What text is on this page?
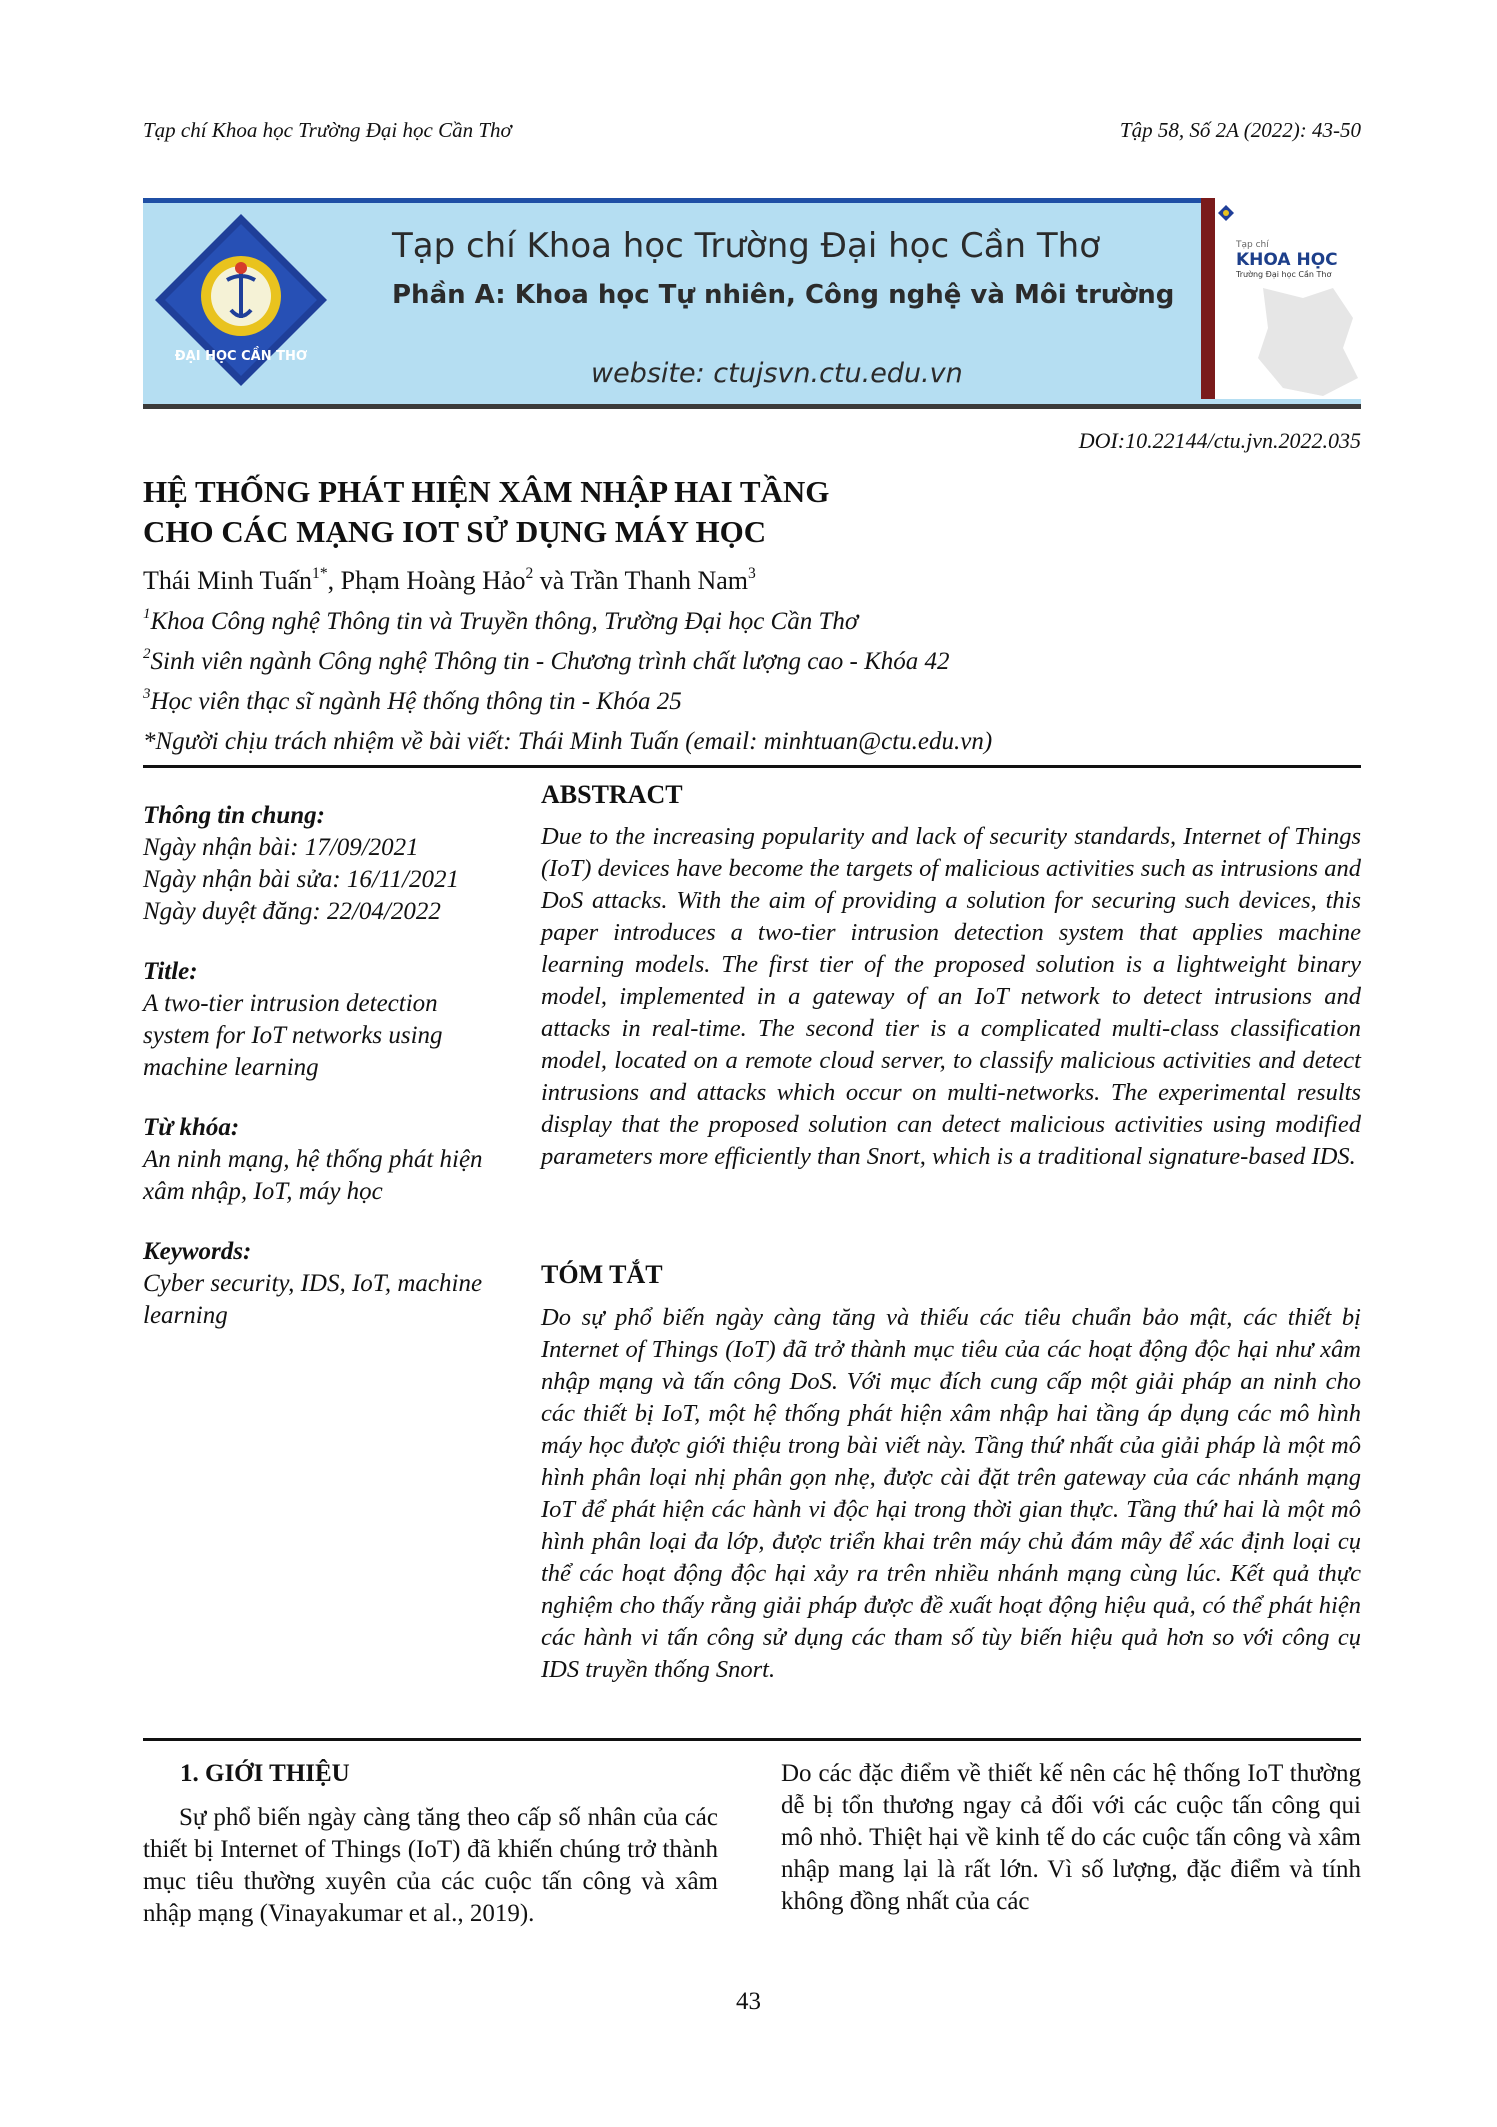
Tạp chí Khoa học Trường Đại học Cần Thơ	Tập 58, Số 2A (2022): 43-50
ĐẠI HỌC CẦN THƠ
Tạp chí Khoa học Trường Đại học Cần Thơ
Phần A: Khoa học Tự nhiên, Công nghệ và Môi trường
website: ctujsvn.ctu.edu.vn
Tạp chí
KHOA HỌC
Trường Đại học Cần Thơ
DOI:10.22144/ctu.jvn.2022.035
HỆ THỐNG PHÁT HIỆN XÂM NHẬP HAI TẦNG
CHO CÁC MẠNG IOT SỬ DỤNG MÁY HỌC
Thái Minh Tuấn$^{1*}$, Phạm Hoàng Hảo$^2$ và Trần Thanh Nam$^3$
$^1$Khoa Công nghệ Thông tin và Truyền thông, Trường Đại học Cần Thơ
$^2$Sinh viên ngành Công nghệ Thông tin - Chương trình chất lượng cao - Khóa 42
$^3$Học viên thạc sĩ ngành Hệ thống thông tin - Khóa 25
*Người chịu trách nhiệm về bài viết: Thái Minh Tuấn (email: minhtuan@ctu.edu.vn)
Thông tin chung:
Ngày nhận bài: 17/09/2021
Ngày nhận bài sửa: 16/11/2021
Ngày duyệt đăng: 22/04/2022
Title:
A two-tier intrusion detection system for IoT networks using machine learning
Từ khóa:
An ninh mạng, hệ thống phát hiện xâm nhập, IoT, máy học
Keywords:
Cyber security, IDS, IoT, machine learning
ABSTRACT
Due to the increasing popularity and lack of security standards, Internet of Things (IoT) devices have become the targets of malicious activities such as intrusions and DoS attacks. With the aim of providing a solution for securing such devices, this paper introduces a two-tier intrusion detection system that applies machine learning models. The first tier of the proposed solution is a lightweight binary model, implemented in a gateway of an IoT network to detect intrusions and attacks in real-time. The second tier is a complicated multi-class classification model, located on a remote cloud server, to classify malicious activities and detect intrusions and attacks which occur on multi-networks. The experimental results display that the proposed solution can detect malicious activities using modified parameters more efficiently than Snort, which is a traditional signature-based IDS.
TÓM TẮT
Do sự phổ biến ngày càng tăng và thiếu các tiêu chuẩn bảo mật, các thiết bị Internet of Things (IoT) đã trở thành mục tiêu của các hoạt động độc hại như xâm nhập mạng và tấn công DoS. Với mục đích cung cấp một giải pháp an ninh cho các thiết bị IoT, một hệ thống phát hiện xâm nhập hai tầng áp dụng các mô hình máy học được giới thiệu trong bài viết này. Tầng thứ nhất của giải pháp là một mô hình phân loại nhị phân gọn nhẹ, được cài đặt trên gateway của các nhánh mạng IoT để phát hiện các hành vi độc hại trong thời gian thực. Tầng thứ hai là một mô hình phân loại đa lớp, được triển khai trên máy chủ đám mây để xác định loại cụ thể các hoạt động độc hại xảy ra trên nhiều nhánh mạng cùng lúc. Kết quả thực nghiệm cho thấy rằng giải pháp được đề xuất hoạt động hiệu quả, có thể phát hiện các hành vi tấn công sử dụng các tham số tùy biến hiệu quả hơn so với công cụ IDS truyền thống Snort.
1. GIỚI THIỆU
Sự phổ biến ngày càng tăng theo cấp số nhân của các thiết bị Internet of Things (IoT) đã khiến chúng trở thành mục tiêu thường xuyên của các cuộc tấn công và xâm nhập mạng (Vinayakumar et al., 2019).
Do các đặc điểm về thiết kế nên các hệ thống IoT thường dễ bị tổn thương ngay cả đối với các cuộc tấn công qui mô nhỏ. Thiệt hại về kinh tế do các cuộc tấn công và xâm nhập mang lại là rất lớn. Vì số lượng, đặc điểm và tính không đồng nhất của các
43
